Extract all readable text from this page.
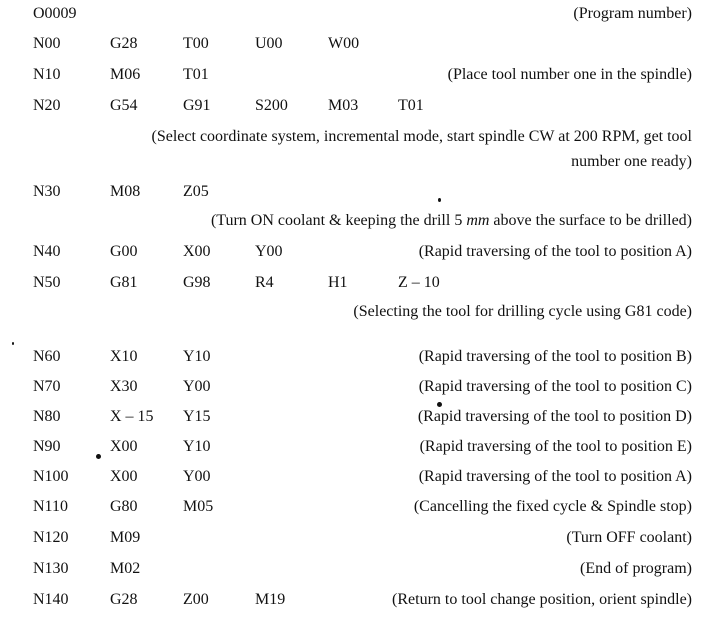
O0009	(Program number)
N00	G28	T00	U00	W00
N10	M06	T01	(Place tool number one in the spindle)
N20	G54	G91	S200	M03 T01
(Select coordinate system, incremental mode, start spindle CW at 200 RPM, get tool
number one ready)
N30	M08	Z05
(Turn ON coolant & keeping the drill 5 mm above the surface to be drilled)
N40	G00	X00	Y00	(Rapid traversing of the tool to position A)
N50	G81	G98	R4	H1	Z – 10
(Selecting the tool for drilling cycle using G81 code)
N60	X10	Y10	(Rapid traversing of the tool to position B)
N70	X30	Y00	(Rapid traversing of the tool to position C)
N80	X – 15 Y15	(Rapid traversing of the tool to position D)
N90	X00	Y10	(Rapid traversing of the tool to position E)
N100	X00	Y00	(Rapid traversing of the tool to position A)
N110	G80	M05	(Cancelling the fixed cycle & Spindle stop)
N120	M09	(Turn OFF coolant)
N130	M02	(End of program)
N140	G28	Z00	M19	(Return to tool change position, orient spindle)
